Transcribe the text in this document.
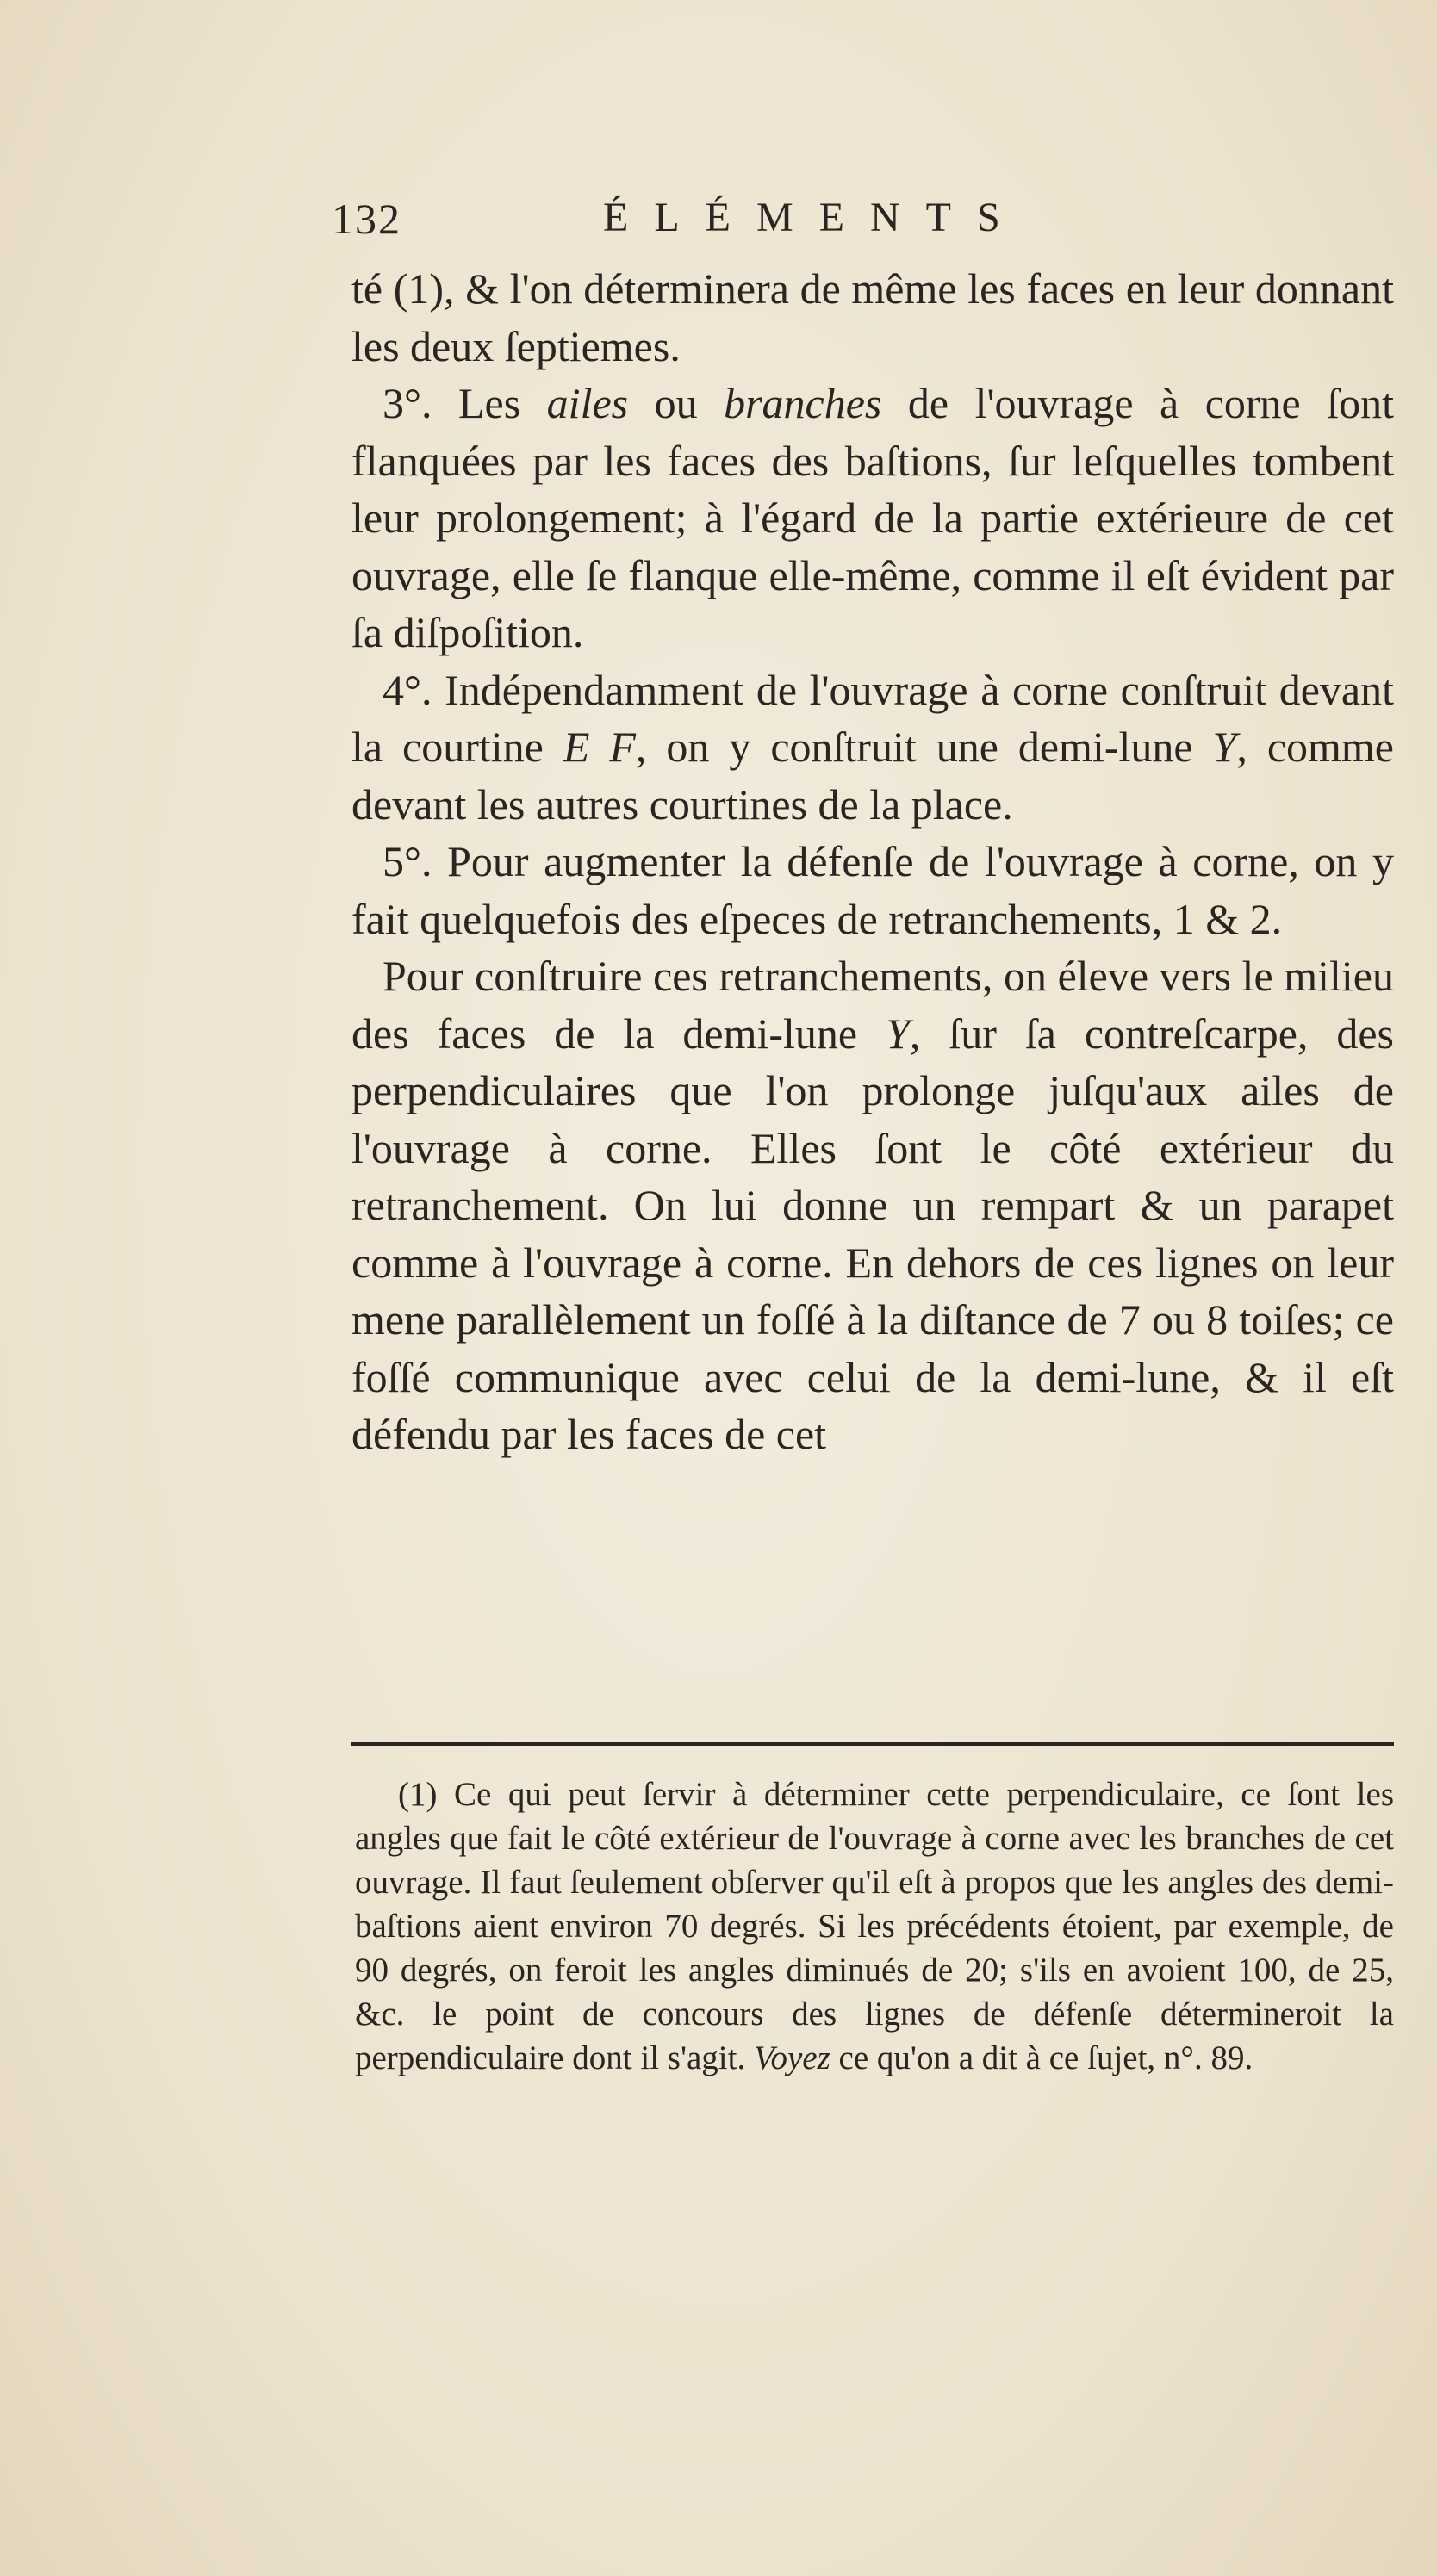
132	ÉLÉMENTS

té (1), & l'on déterminera de même les faces en leur donnant les deux ſeptiemes.

3°. Les ailes ou branches de l'ouvrage à corne ſont flanquées par les faces des baſtions, ſur leſquelles tombent leur prolongement; à l'égard de la partie extérieure de cet ouvrage, elle ſe flanque elle-même, comme il eſt évident par ſa diſpoſition.

4°. Indépendamment de l'ouvrage à corne conſtruit devant la courtine E F, on y conſtruit une demi-lune Y, comme devant les autres courtines de la place.

5°. Pour augmenter la défenſe de l'ouvrage à corne, on y fait quelquefois des eſpeces de retranchements, 1 & 2.

Pour conſtruire ces retranchements, on éleve vers le milieu des faces de la demi-lune Y, ſur ſa contreſcarpe, des perpendiculaires que l'on prolonge juſqu'aux ailes de l'ouvrage à corne. Elles ſont le côté extérieur du retranchement. On lui donne un rempart & un parapet comme à l'ouvrage à corne. En dehors de ces lignes on leur mene parallèlement un foſſé à la diſtance de 7 ou 8 toiſes; ce foſſé communique avec celui de la demi-lune, & il eſt défendu par les faces de cet

(1) Ce qui peut ſervir à déterminer cette perpendiculaire, ce ſont les angles que fait le côté extérieur de l'ouvrage à corne avec les branches de cet ouvrage. Il faut ſeulement obſerver qu'il eſt à propos que les angles des demi-baſtions aient environ 70 degrés. Si les précédents étoient, par exemple, de 90 degrés, on feroit les angles diminués de 20; s'ils en avoient 100, de 25, &c. le point de concours des lignes de défenſe détermineroit la perpendiculaire dont il s'agit. Voyez ce qu'on a dit à ce ſujet, n°. 89.
